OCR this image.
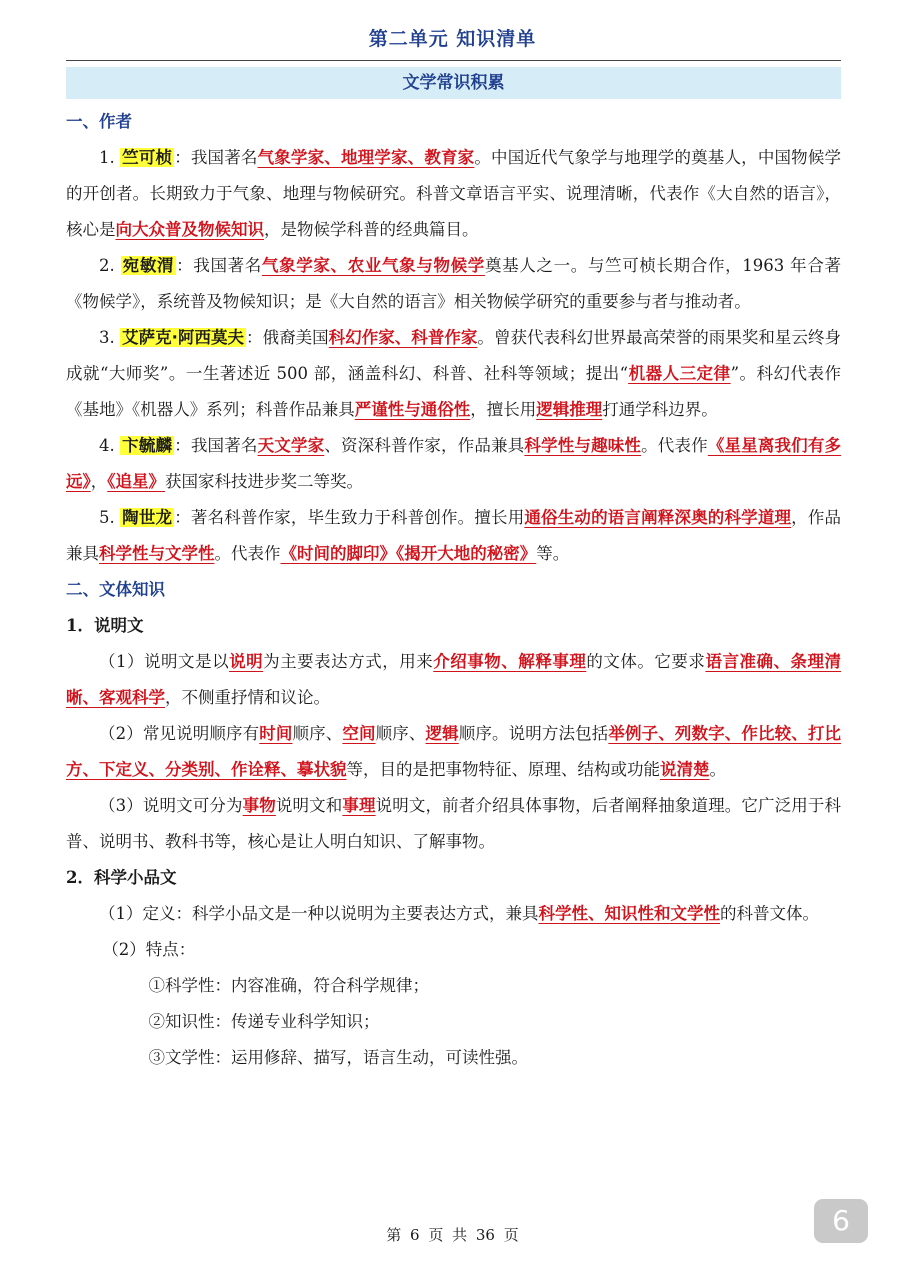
第二单元 知识清单
文学常识积累

一、作者

1. 竺可桢 ：我国著名气象学家、地理学家、教育家。中国近代气象学与地理学的奠基人，中国物候学的开创者。长期致力于气象、地理与物候研究。科普文章语言平实、说理清晰，代表作《大自然的语言》，核心是向大众普及物候知识，是物候学科普的经典篇目。

2. 宛敏渭 ：我国著名气象学家、农业气象与物候学奠基人之一。与竺可桢长期合作，1963 年合著《物候学》，系统普及物候知识；是《大自然的语言》相关物候学研究的重要参与者与推动者。

3. 艾萨克·阿西莫夫 ：俄裔美国科幻作家、科普作家。曾获代表科幻世界最高荣誉的雨果奖和星云终身成就“大师奖”。一生著述近 500 部，涵盖科幻、科普、社科等领域；提出“机器人三定律”。科幻代表作《基地》《机器人》系列；科普作品兼具严谨性与通俗性，擅长用逻辑推理打通学科边界。

4. 卞毓麟 ：我国著名天文学家、资深科普作家，作品兼具科学性与趣味性。代表作《星星离我们有多远》，《追星》获国家科技进步奖二等奖。

5. 陶世龙 ：著名科普作家，毕生致力于科普创作。擅长用通俗生动的语言阐释深奥的科学道理，作品兼具科学性与文学性。代表作《时间的脚印》《揭开大地的秘密》等。

二、文体知识

1．说明文

（1）说明文是以说明为主要表达方式，用来介绍事物、解释事理的文体。它要求语言准确、条理清晰、客观科学，不侧重抒情和议论。

（2）常见说明顺序有时间顺序、空间顺序、逻辑顺序。说明方法包括举例子、列数字、作比较、打比方、下定义、分类别、作诠释、摹状貌等，目的是把事物特征、原理、结构或功能说清楚。

（3）说明文可分为事物说明文和事理说明文，前者介绍具体事物，后者阐释抽象道理。它广泛用于科普、说明书、教科书等，核心是让人明白知识、了解事物。

2．科学小品文

（1）定义：科学小品文是一种以说明为主要表达方式，兼具科学性、知识性和文学性的科普文体。

（2）特点：

①科学性：内容准确，符合科学规律；

②知识性：传递专业科学知识；

③文学性：运用修辞、描写，语言生动，可读性强。

6
第 6 页 共 36 页
